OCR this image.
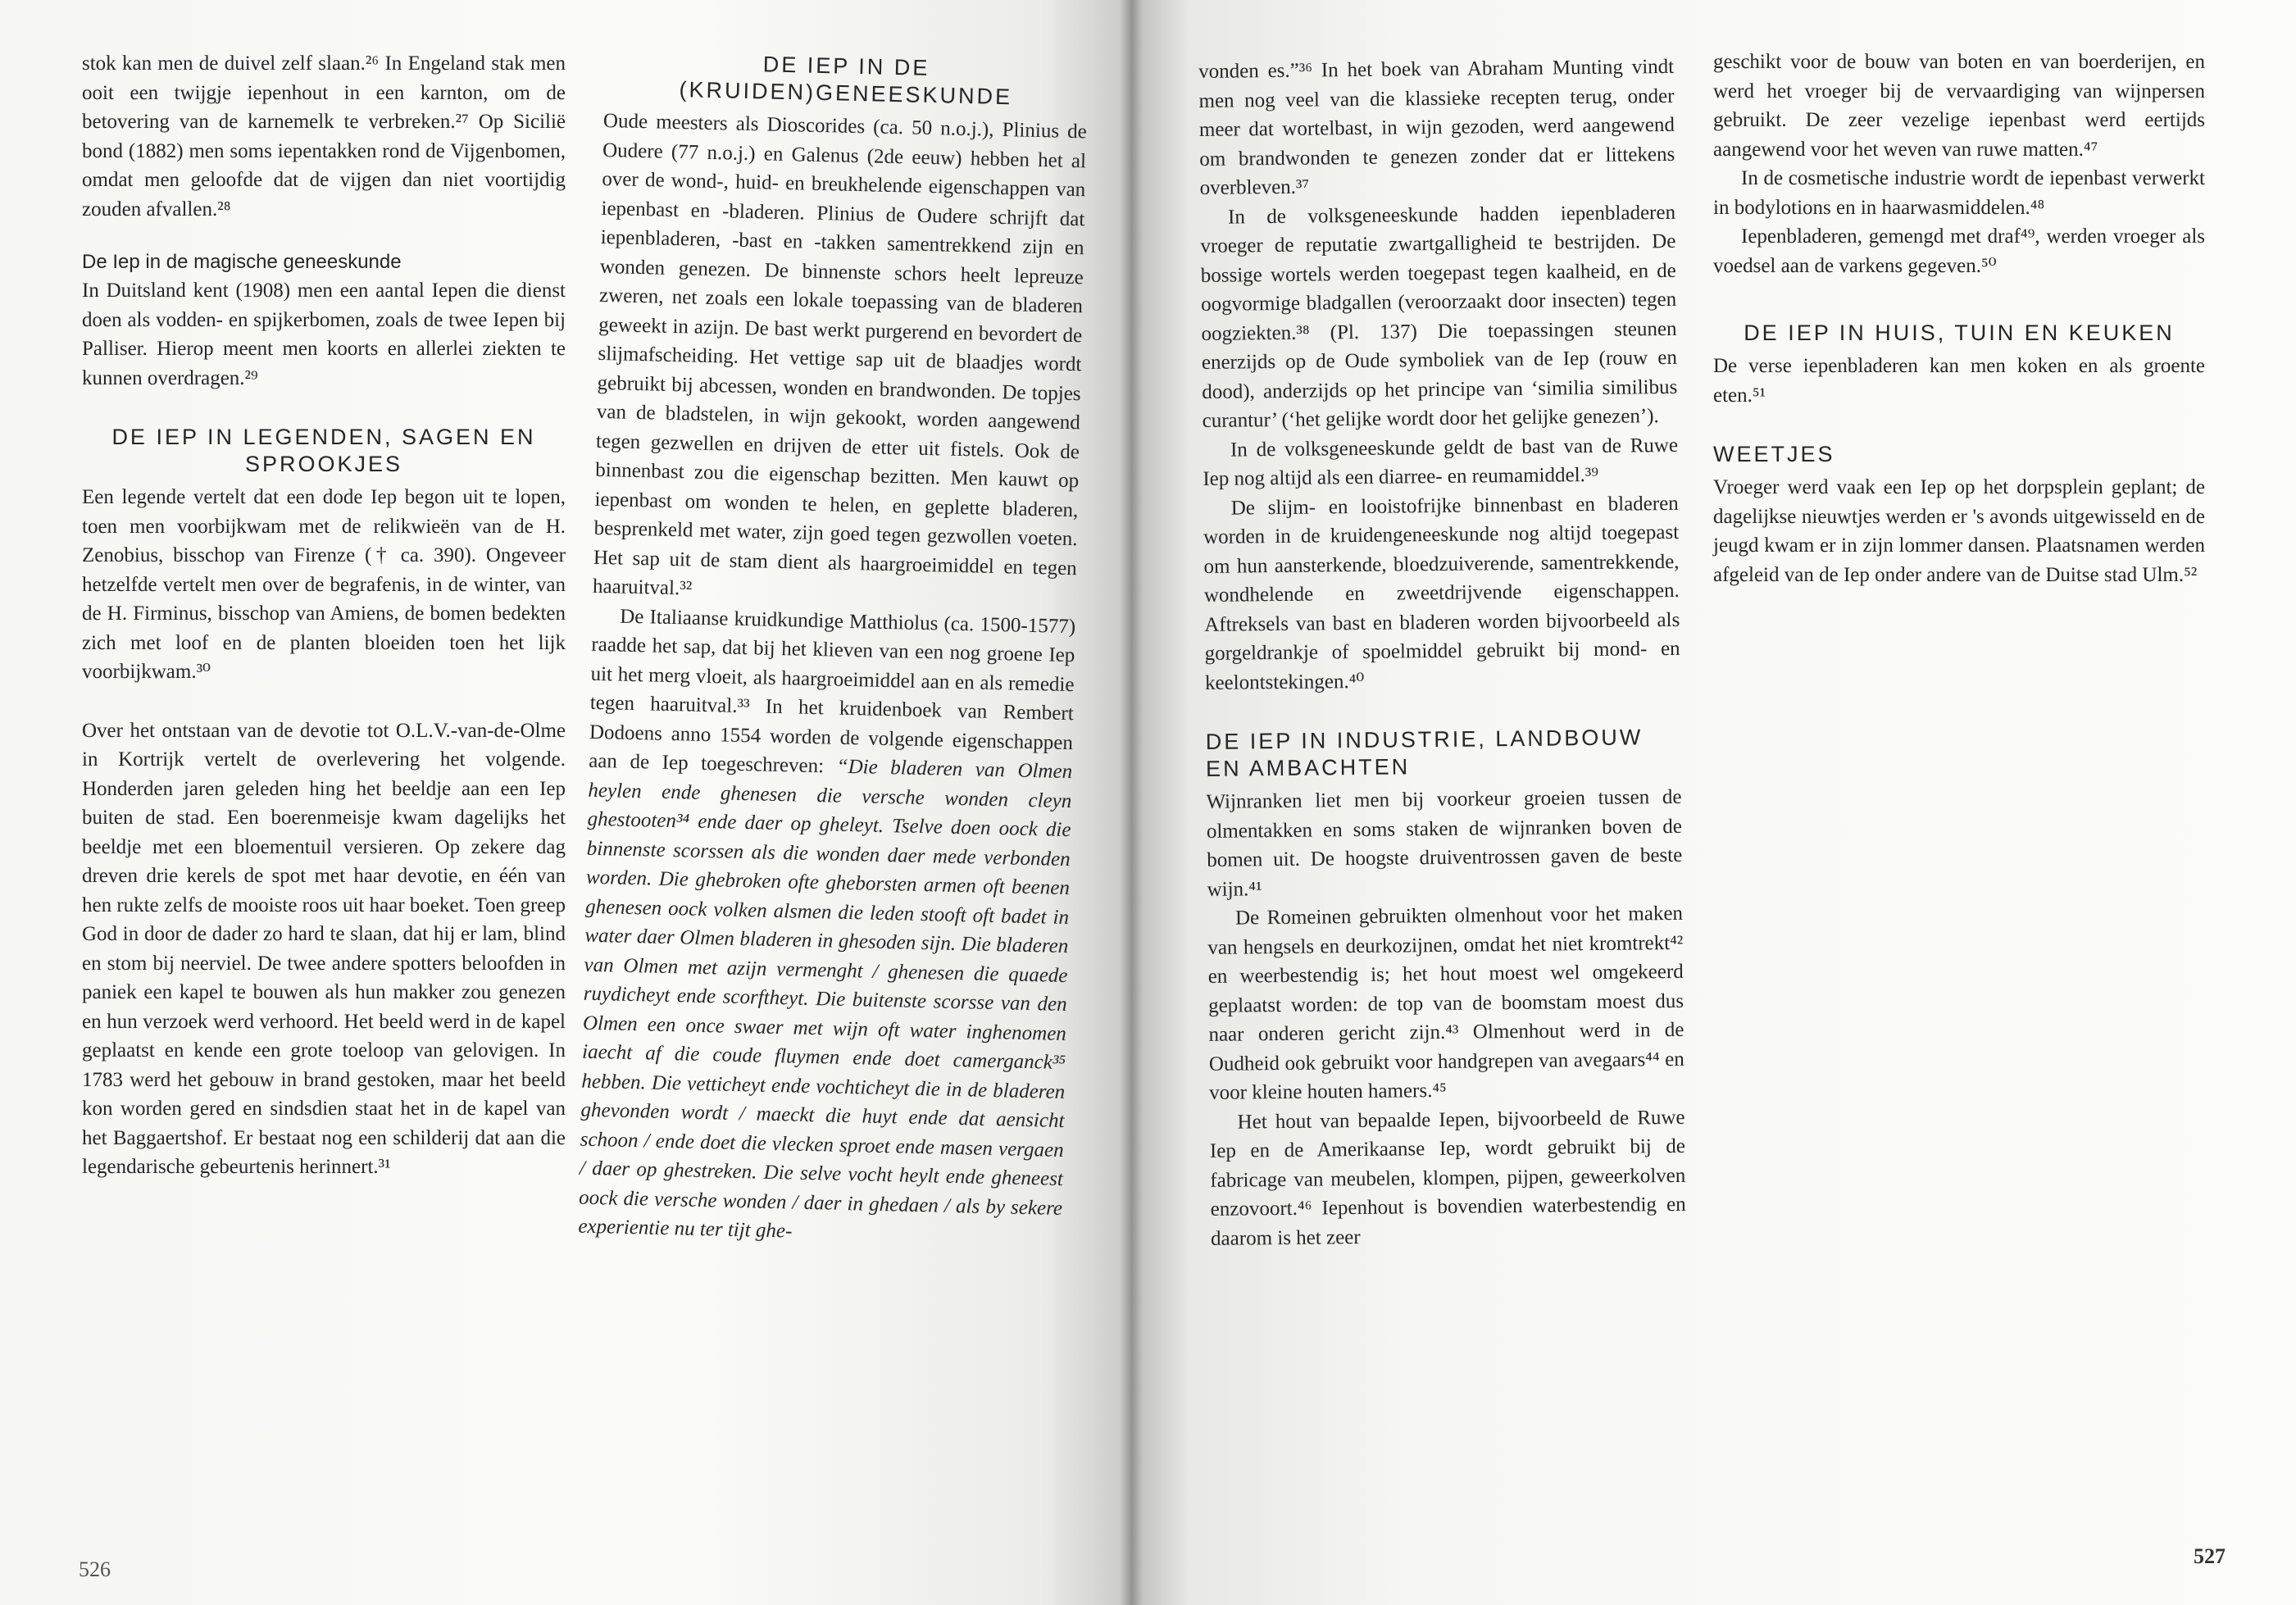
stok kan men de duivel zelf slaan.²⁶ In Engeland stak men ooit een twijgje iepenhout in een karnton, om de betovering van de karnemelk te verbreken.²⁷ Op Sicilië bond (1882) men soms iepentakken rond de Vijgenbomen, omdat men geloofde dat de vijgen dan niet voortijdig zouden afvallen.²⁸

De Iep in de magische geneeskunde

In Duitsland kent (1908) men een aantal Iepen die dienst doen als vodden- en spijkerbomen, zoals de twee Iepen bij Palliser. Hierop meent men koorts en allerlei ziekten te kunnen overdragen.²⁹

DE IEP IN LEGENDEN, SAGEN EN SPROOKJES

Een legende vertelt dat een dode Iep begon uit te lopen, toen men voorbijkwam met de relikwieën van de H. Zenobius, bisschop van Firenze († ca. 390). Ongeveer hetzelfde vertelt men over de begrafenis, in de winter, van de H. Firminus, bisschop van Amiens, de bomen bedekten zich met loof en de planten bloeiden toen het lijk voorbijkwam.³⁰

Over het ontstaan van de devotie tot O.L.V.-van-de-Olme in Kortrijk vertelt de overlevering het volgende. Honderden jaren geleden hing het beeldje aan een Iep buiten de stad. Een boerenmeisje kwam dagelijks het beeldje met een bloementuil versieren. Op zekere dag dreven drie kerels de spot met haar devotie, en één van hen rukte zelfs de mooiste roos uit haar boeket. Toen greep God in door de dader zo hard te slaan, dat hij er lam, blind en stom bij neerviel. De twee andere spotters beloofden in paniek een kapel te bouwen als hun makker zou genezen en hun verzoek werd verhoord. Het beeld werd in de kapel geplaatst en kende een grote toeloop van gelovigen. In 1783 werd het gebouw in brand gestoken, maar het beeld kon worden gered en sindsdien staat het in de kapel van het Baggaertshof. Er bestaat nog een schilderij dat aan die legendarische gebeurtenis herinnert.³¹

DE IEP IN DE (KRUIDEN)GENEESKUNDE

Oude meesters als Dioscorides (ca. 50 n.o.j.), Plinius de Oudere (77 n.o.j.) en Galenus (2de eeuw) hebben het al over de wond-, huid- en breukhelende eigenschappen van iepenbast en -bladeren. Plinius de Oudere schrijft dat iepenbladeren, -bast en -takken samentrekkend zijn en wonden genezen. De binnenste schors heelt lepreuze zweren, net zoals een lokale toepassing van de bladeren geweekt in azijn. De bast werkt purgerend en bevordert de slijmafscheiding. Het vettige sap uit de blaadjes wordt gebruikt bij abcessen, wonden en brandwonden. De topjes van de bladstelen, in wijn gekookt, worden aangewend tegen gezwellen en drijven de etter uit fistels. Ook de binnenbast zou die eigenschap bezitten. Men kauwt op iepenbast om wonden te helen, en geplette bladeren, besprenkeld met water, zijn goed tegen gezwollen voeten. Het sap uit de stam dient als haargroeimiddel en tegen haaruitval.³²

De Italiaanse kruidkundige Matthiolus (ca. 1500-1577) raadde het sap, dat bij het klieven van een nog groene Iep uit het merg vloeit, als haargroeimiddel aan en als remedie tegen haaruitval.³³ In het kruidenboek van Rembert Dodoens anno 1554 worden de volgende eigenschappen aan de Iep toegeschreven: “Die bladeren van Olmen heylen ende ghenesen die versche wonden cleyn ghestooten³⁴ ende daer op gheleyt. Tselve doen oock die binnenste scorssen als die wonden daer mede verbonden worden. Die ghebroken ofte gheborsten armen oft beenen ghenesen oock volken alsmen die leden stooft oft badet in water daer Olmen bladeren in ghesoden sijn. Die bladeren van Olmen met azijn vermenght / ghenesen die quaede ruydicheyt ende scorftheyt. Die buitenste scorsse van den Olmen een once swaer met wijn oft water inghenomen iaecht af die coude fluymen ende doet camerganck³⁵ hebben. Die vetticheyt ende vochticheyt die in de bladeren ghevonden wordt / maeckt die huyt ende dat aensicht schoon / ende doet die vlecken sproet ende masen vergaen / daer op ghestreken. Die selve vocht heylt ende gheneest oock die versche wonden / daer in ghedaen / als by sekere experientie nu ter tijt ghe-

vonden es.”³⁶ In het boek van Abraham Munting vindt men nog veel van die klassieke recepten terug, onder meer dat wortelbast, in wijn gezoden, werd aangewend om brandwonden te genezen zonder dat er littekens overbleven.³⁷

In de volksgeneeskunde hadden iepenbladeren vroeger de reputatie zwartgalligheid te bestrijden. De bossige wortels werden toegepast tegen kaalheid, en de oogvormige bladgallen (veroorzaakt door insecten) tegen oogziekten.³⁸ (Pl. 137) Die toepassingen steunen enerzijds op de Oude symboliek van de Iep (rouw en dood), anderzijds op het principe van ‘similia similibus curantur’ (‘het gelijke wordt door het gelijke genezen’).

In de volksgeneeskunde geldt de bast van de Ruwe Iep nog altijd als een diarree- en reumamiddel.³⁹

De slijm- en looistofrijke binnenbast en bladeren worden in de kruidengeneeskunde nog altijd toegepast om hun aansterkende, bloedzuiverende, samentrekkende, wondhelende en zweetdrijvende eigenschappen. Aftreksels van bast en bladeren worden bijvoorbeeld als gorgeldrankje of spoelmiddel gebruikt bij mond- en keelontstekingen.⁴⁰

DE IEP IN INDUSTRIE, LANDBOUW EN AMBACHTEN

Wijnranken liet men bij voorkeur groeien tussen de olmentakken en soms staken de wijnranken boven de bomen uit. De hoogste druiventrossen gaven de beste wijn.⁴¹

De Romeinen gebruikten olmenhout voor het maken van hengsels en deurkozijnen, omdat het niet kromtrekt⁴² en weerbestendig is; het hout moest wel omgekeerd geplaatst worden: de top van de boomstam moest dus naar onderen gericht zijn.⁴³ Olmenhout werd in de Oudheid ook gebruikt voor handgrepen van avegaars⁴⁴ en voor kleine houten hamers.⁴⁵

Het hout van bepaalde Iepen, bijvoorbeeld de Ruwe Iep en de Amerikaanse Iep, wordt gebruikt bij de fabricage van meubelen, klompen, pijpen, geweerkolven enzovoort.⁴⁶ Iepenhout is bovendien waterbestendig en daarom is het zeer

geschikt voor de bouw van boten en van boerderijen, en werd het vroeger bij de vervaardiging van wijnpersen gebruikt. De zeer vezelige iepenbast werd eertijds aangewend voor het weven van ruwe matten.⁴⁷

In de cosmetische industrie wordt de iepenbast verwerkt in bodylotions en in haarwasmiddelen.⁴⁸

Iepenbladeren, gemengd met draf⁴⁹, werden vroeger als voedsel aan de varkens gegeven.⁵⁰

DE IEP IN HUIS, TUIN EN KEUKEN

De verse iepenbladeren kan men koken en als groente eten.⁵¹

WEETJES

Vroeger werd vaak een Iep op het dorpsplein geplant; de dagelijkse nieuwtjes werden er 's avonds uitgewisseld en de jeugd kwam er in zijn lommer dansen. Plaatsnamen werden afgeleid van de Iep onder andere van de Duitse stad Ulm.⁵²

526
527
